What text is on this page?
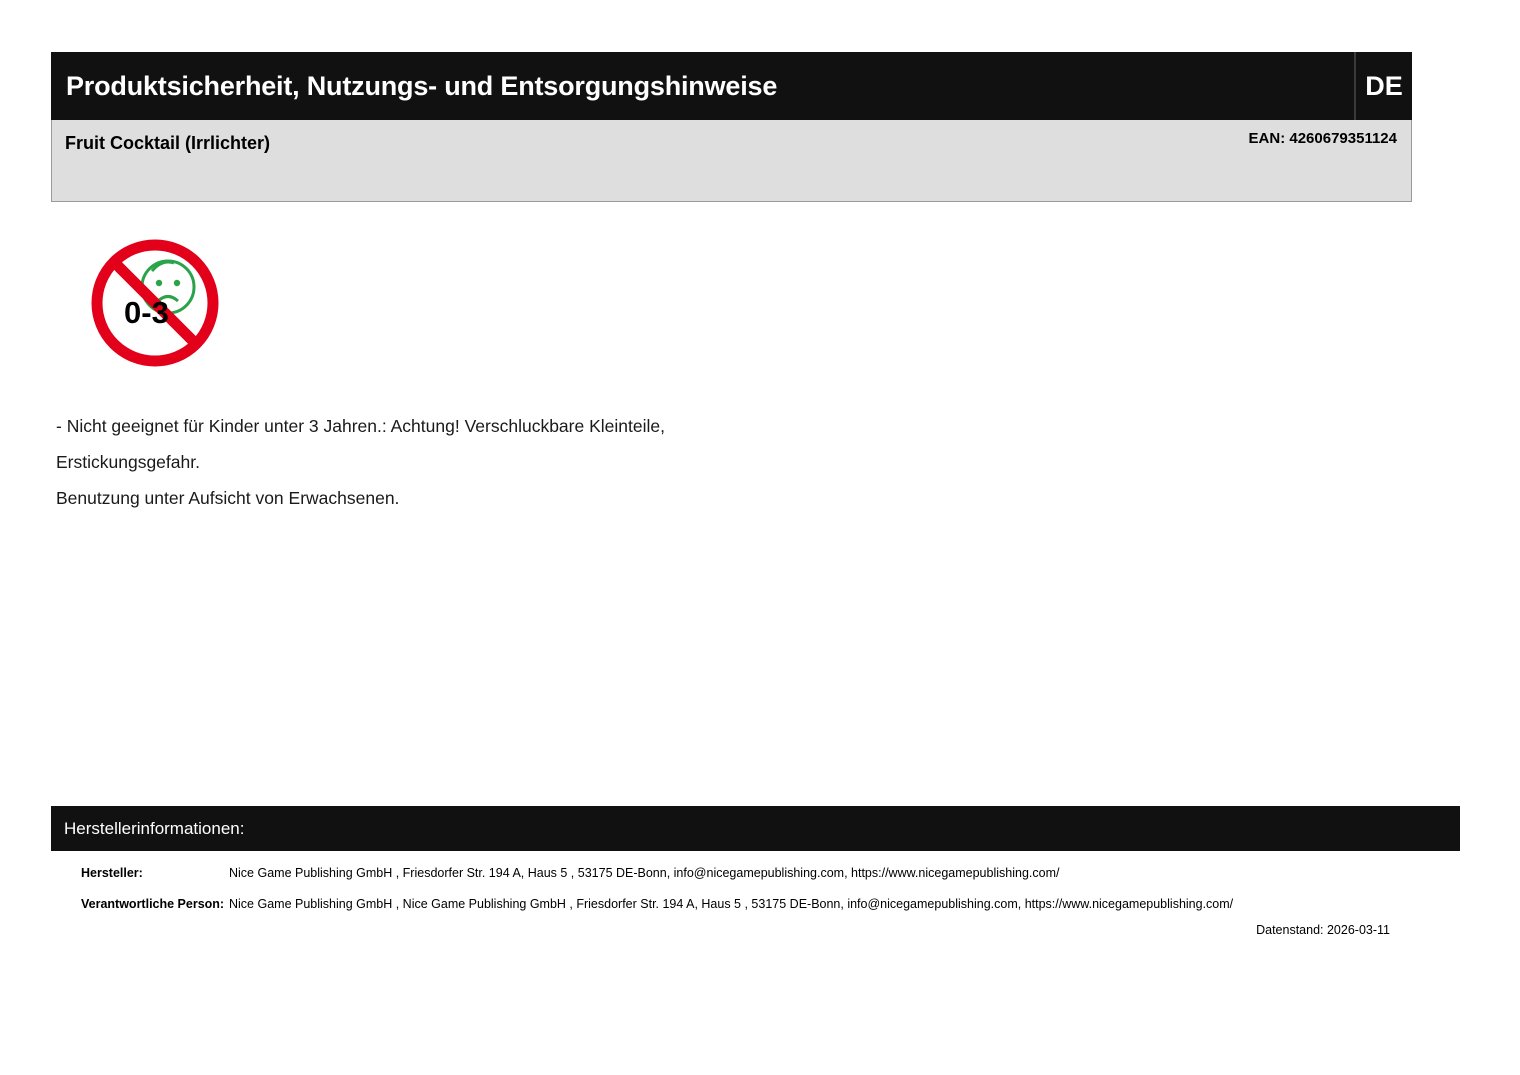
Produktsicherheit, Nutzungs- und Entsorgungshinweise	DE
Fruit Cocktail (Irrlichter)	EAN: 4260679351124
0-3

- Nicht geeignet für Kinder unter 3 Jahren.: Achtung! Verschluckbare Kleinteile,

Erstickungsgefahr.

Benutzung unter Aufsicht von Erwachsenen.

Herstellerinformationen:
Hersteller:	Nice Game Publishing GmbH , Friesdorfer Str. 194 A, Haus 5 , 53175 DE-Bonn, info@nicegamepublishing.com, https://www.nicegamepublishing.com/
Verantwortliche Person: Nice Game Publishing GmbH , Nice Game Publishing GmbH , Friesdorfer Str. 194 A, Haus 5 , 53175 DE-Bonn, info@nicegamepublishing.com, https://www.nicegamepublishing.com/
Datenstand: 2026-03-11
